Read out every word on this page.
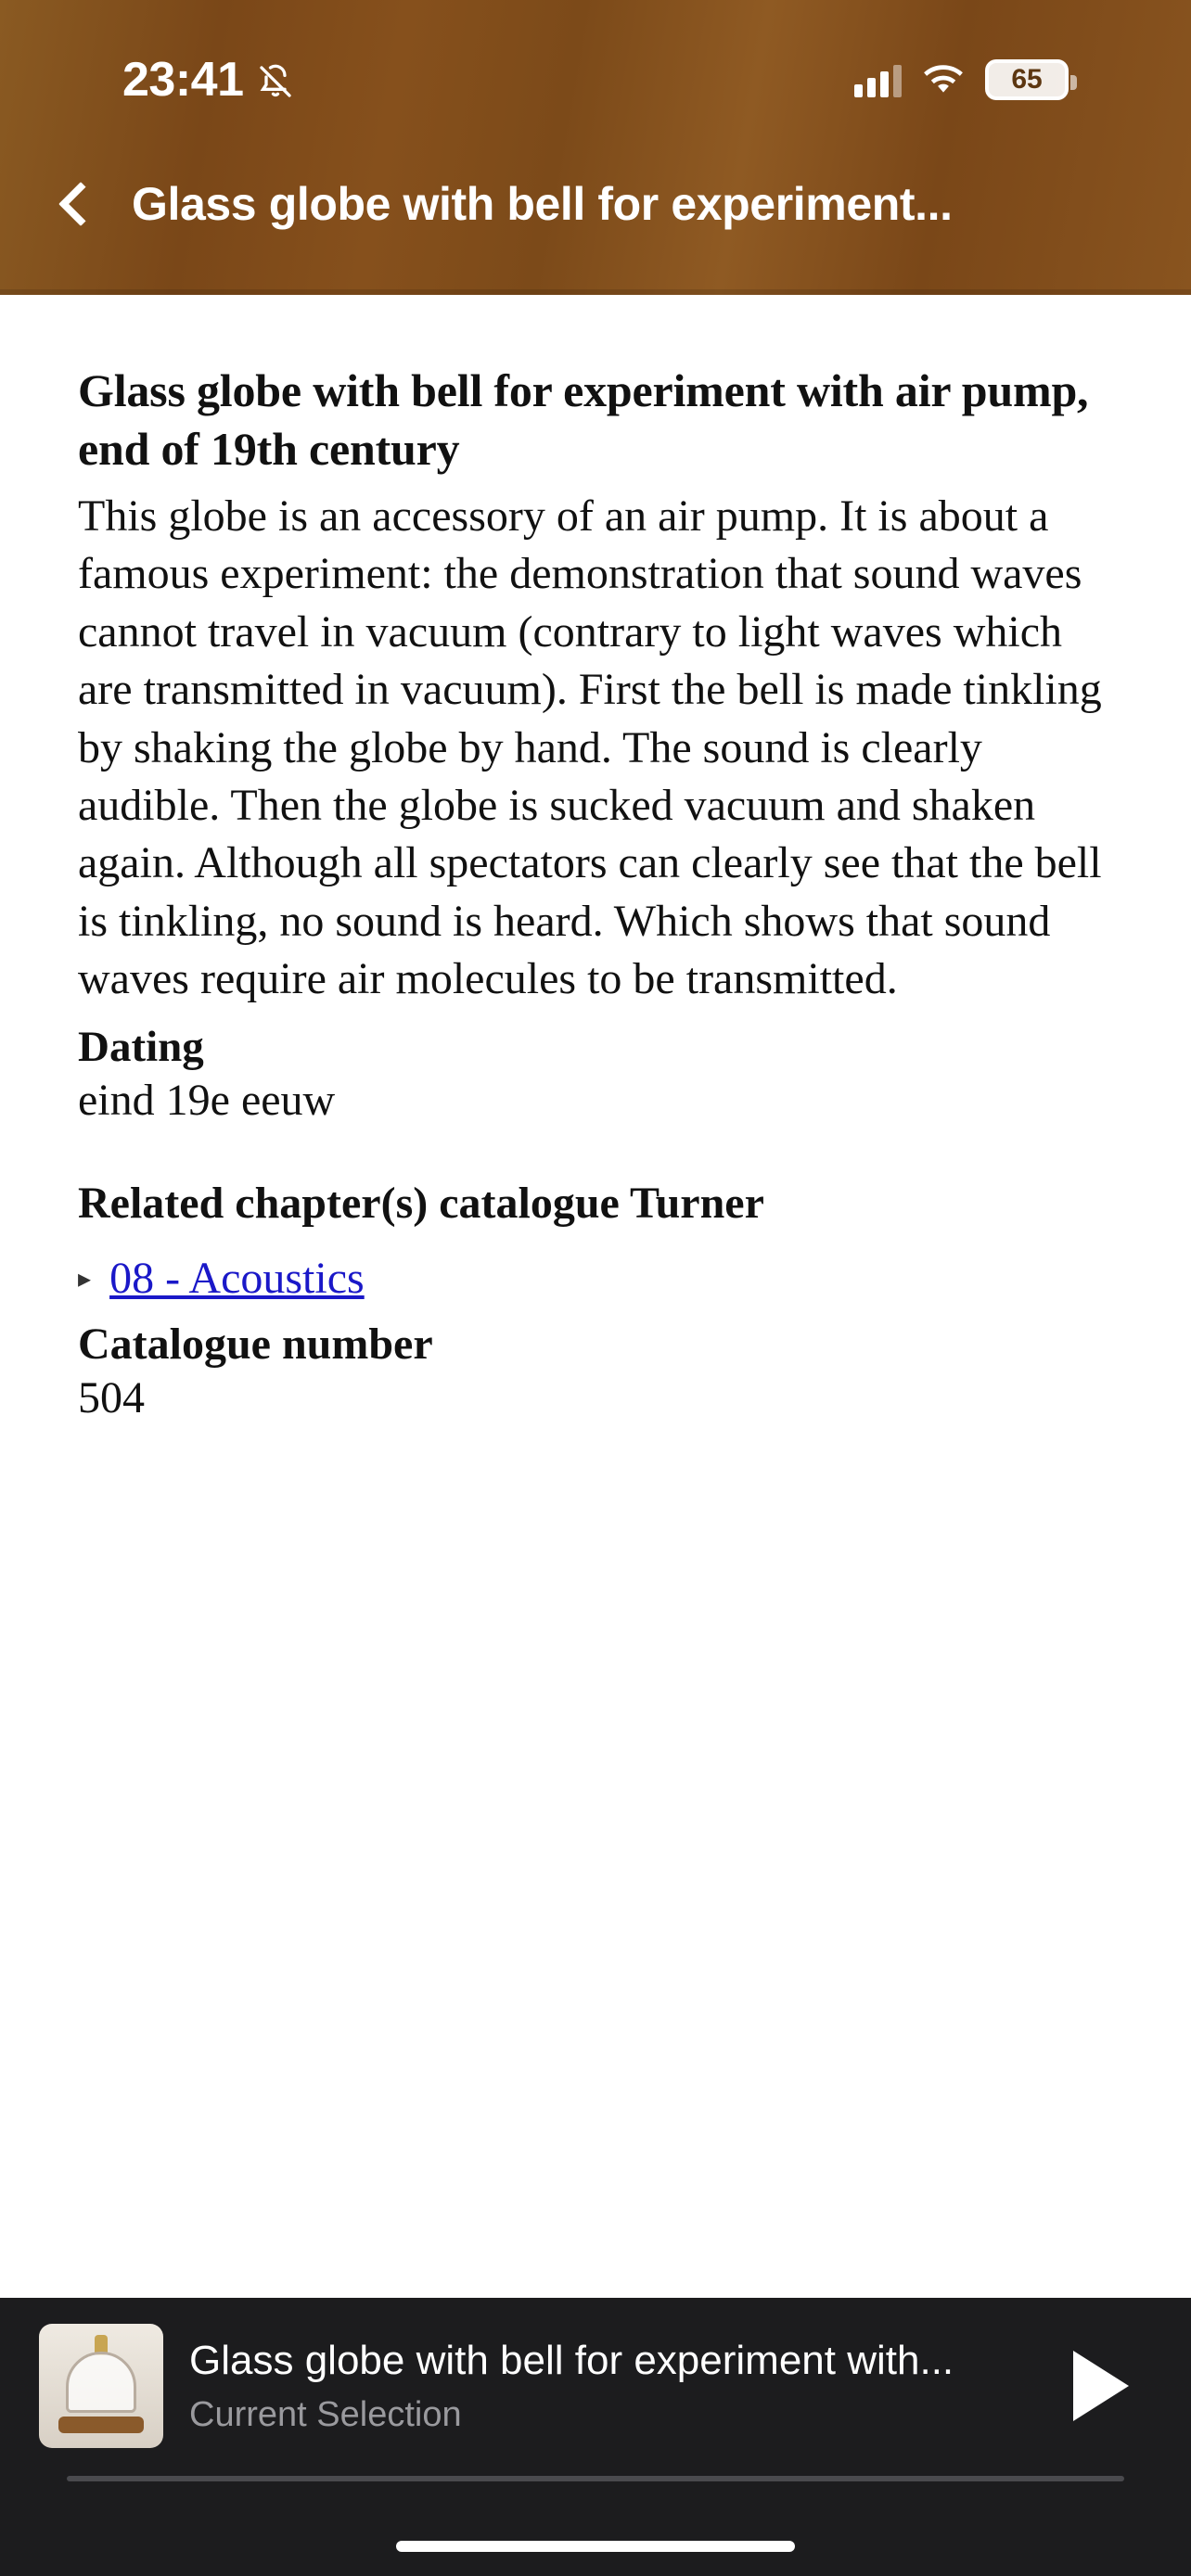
23:41	65
Glass globe with bell for experiment...
Glass globe with bell for experiment with air pump, end of 19th century
This globe is an accessory of an air pump. It is about a famous experiment: the demonstration that sound waves cannot travel in vacuum (contrary to light waves which are transmitted in vacuum). First the bell is made tinkling by shaking the globe by hand. The sound is clearly audible. Then the globe is sucked vacuum and shaken again. Although all spectators can clearly see that the bell is tinkling, no sound is heard. Which shows that sound waves require air molecules to be transmitted.
Dating
eind 19e eeuw
Related chapter(s) catalogue Turner
▸ 08 - Acoustics
Catalogue number
504
Glass globe with bell for experiment with...
Current Selection
